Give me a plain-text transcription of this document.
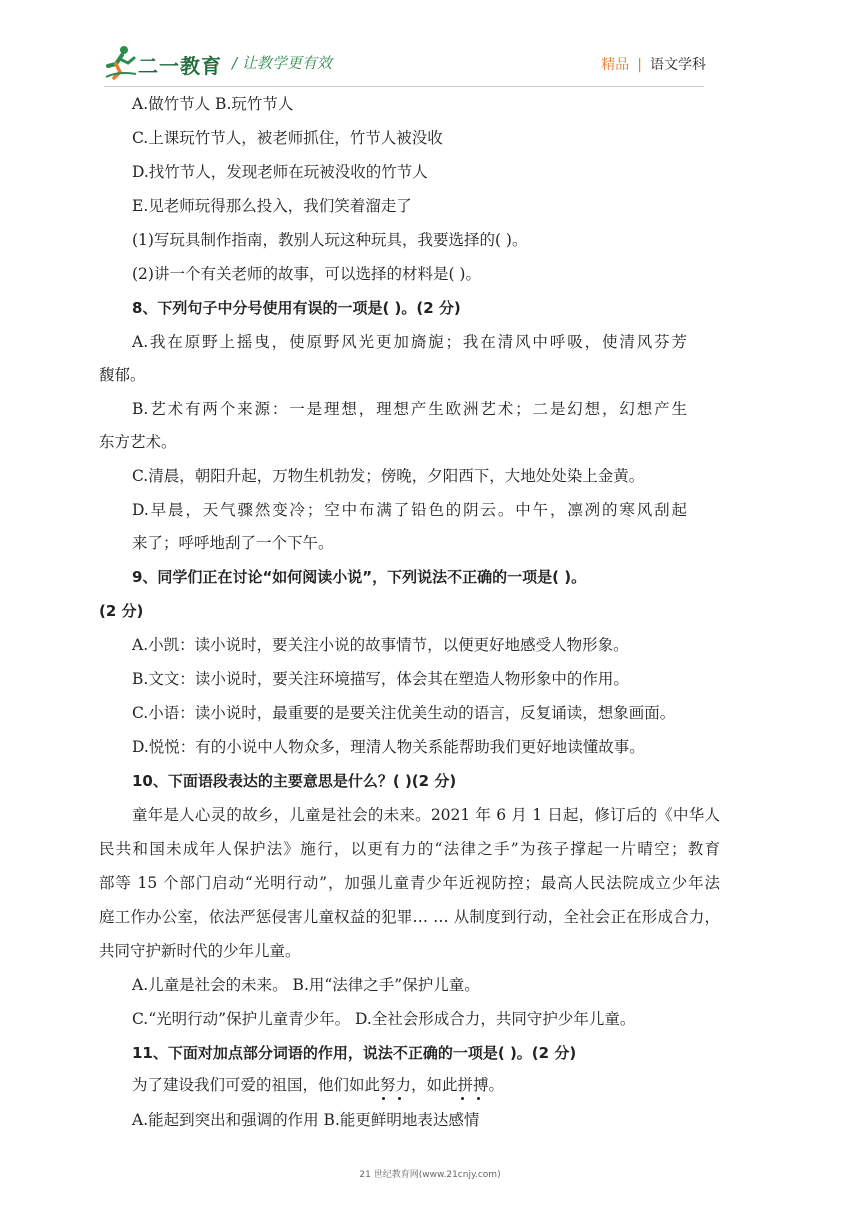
二一教育 / 让教学更有效	精品 | 语文学科
A.做竹节人 B.玩竹节人
C.上课玩竹节人，被老师抓住，竹节人被没收
D.找竹节人，发现老师在玩被没收的竹节人
E.见老师玩得那么投入，我们笑着溜走了
(1)写玩具制作指南，教别人玩这种玩具，我要选择的( )。
(2)讲一个有关老师的故事，可以选择的材料是( )。
8、下列句子中分号使用有误的一项是( )。(2 分)
A.我在原野上摇曳，使原野风光更加旖旎；我在清风中呼吸，使清风芬芳
馥郁。
B.艺术有两个来源：一是理想，理想产生欧洲艺术；二是幻想，幻想产生
东方艺术。
C.清晨，朝阳升起，万物生机勃发；傍晚，夕阳西下，大地处处染上金黄。
D.早晨，天气骤然变冷；空中布满了铅色的阴云。中午，凛冽的寒风刮起
来了；呼呼地刮了一个下午。
9、同学们正在讨论“如何阅读小说”，下列说法不正确的一项是( )。
(2 分)
A.小凯：读小说时，要关注小说的故事情节，以便更好地感受人物形象。
B.文文：读小说时，要关注环境描写，体会其在塑造人物形象中的作用。
C.小语：读小说时，最重要的是要关注优美生动的语言，反复诵读，想象画面。
D.悦悦：有的小说中人物众多，理清人物关系能帮助我们更好地读懂故事。
10、下面语段表达的主要意思是什么？( )(2 分)
童年是人心灵的故乡，儿童是社会的未来。2021 年 6 月 1 日起，修订后的《中华人
民共和国未成年人保护法》施行，以更有力的“法律之手”为孩子撑起一片晴空；教育
部等 15 个部门启动“光明行动”，加强儿童青少年近视防控；最高人民法院成立少年法
庭工作办公室，依法严惩侵害儿童权益的犯罪… … 从制度到行动，全社会正在形成合力，
共同守护新时代的少年儿童。
A.儿童是社会的未来。 B.用“法律之手”保护儿童。
C.“光明行动”保护儿童青少年。 D.全社会形成合力，共同守护少年儿童。
11、下面对加点部分词语的作用，说法不正确的一项是( )。(2 分)
为了建设我们可爱的祖国，他们如此努力，如此拼搏。
A.能起到突出和强调的作用 B.能更鲜明地表达感情
21 世纪教育网(www.21cnjy.com)
